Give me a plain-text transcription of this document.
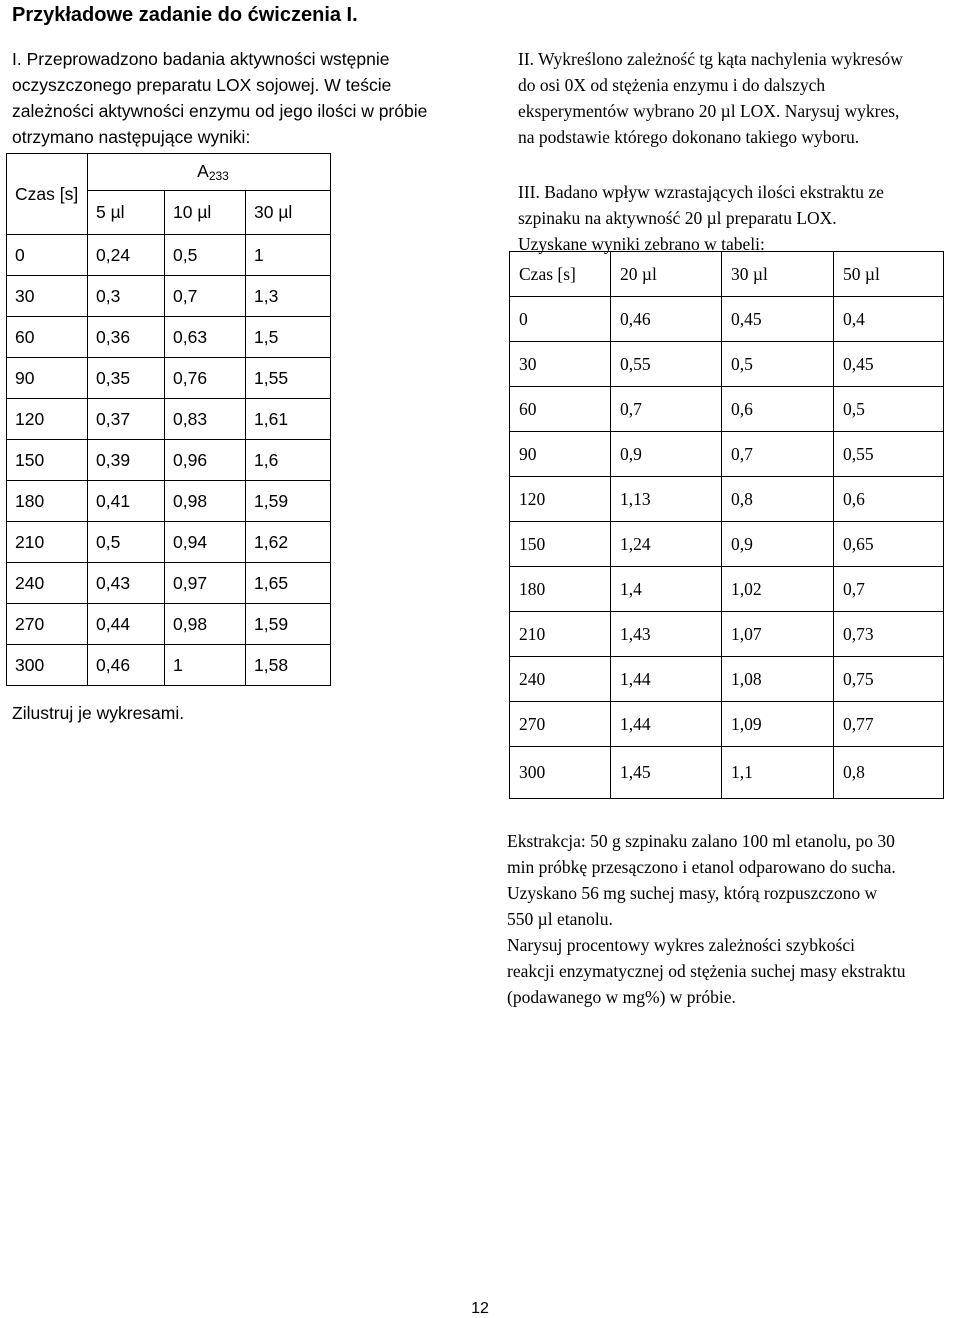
Przykładowe zadanie do ćwiczenia I.
I. Przeprowadzono badania aktywności wstępnie
oczyszczonego preparatu LOX sojowej. W teście
zależności aktywności enzymu od jego ilości w próbie
otrzymano następujące wyniki:
Czas [s]	$A_{233}$
	5 µl	10 µl	30 µl
0	0,24	0,5	1
30	0,3	0,7	1,3
60	0,36	0,63	1,5
90	0,35	0,76	1,55
120	0,37	0,83	1,61
150	0,39	0,96	1,6
180	0,41	0,98	1,59
210	0,5	0,94	1,62
240	0,43	0,97	1,65
270	0,44	0,98	1,59
300	0,46	1	1,58
Zilustruj je wykresami.
II. Wykreślono zależność tg kąta nachylenia wykresów
do osi 0X od stężenia enzymu i do dalszych
eksperymentów wybrano 20 µl LOX. Narysuj wykres,
na podstawie którego dokonano takiego wyboru.
III. Badano wpływ wzrastających ilości ekstraktu ze
szpinaku na aktywność 20 µl preparatu LOX.
Uzyskane wyniki zebrano w tabeli:
Czas [s]	20 µl	30 µl	50 µl
0	0,46	0,45	0,4
30	0,55	0,5	0,45
60	0,7	0,6	0,5
90	0,9	0,7	0,55
120	1,13	0,8	0,6
150	1,24	0,9	0,65
180	1,4	1,02	0,7
210	1,43	1,07	0,73
240	1,44	1,08	0,75
270	1,44	1,09	0,77
300	1,45	1,1	0,8
Ekstrakcja: 50 g szpinaku zalano 100 ml etanolu, po 30
min próbkę przesączono i etanol odparowano do sucha.
Uzyskano 56 mg suchej masy, którą rozpuszczono w
550 µl etanolu.
Narysuj procentowy wykres zależności szybkości
reakcji enzymatycznej od stężenia suchej masy ekstraktu
(podawanego w mg%) w próbie.
12
